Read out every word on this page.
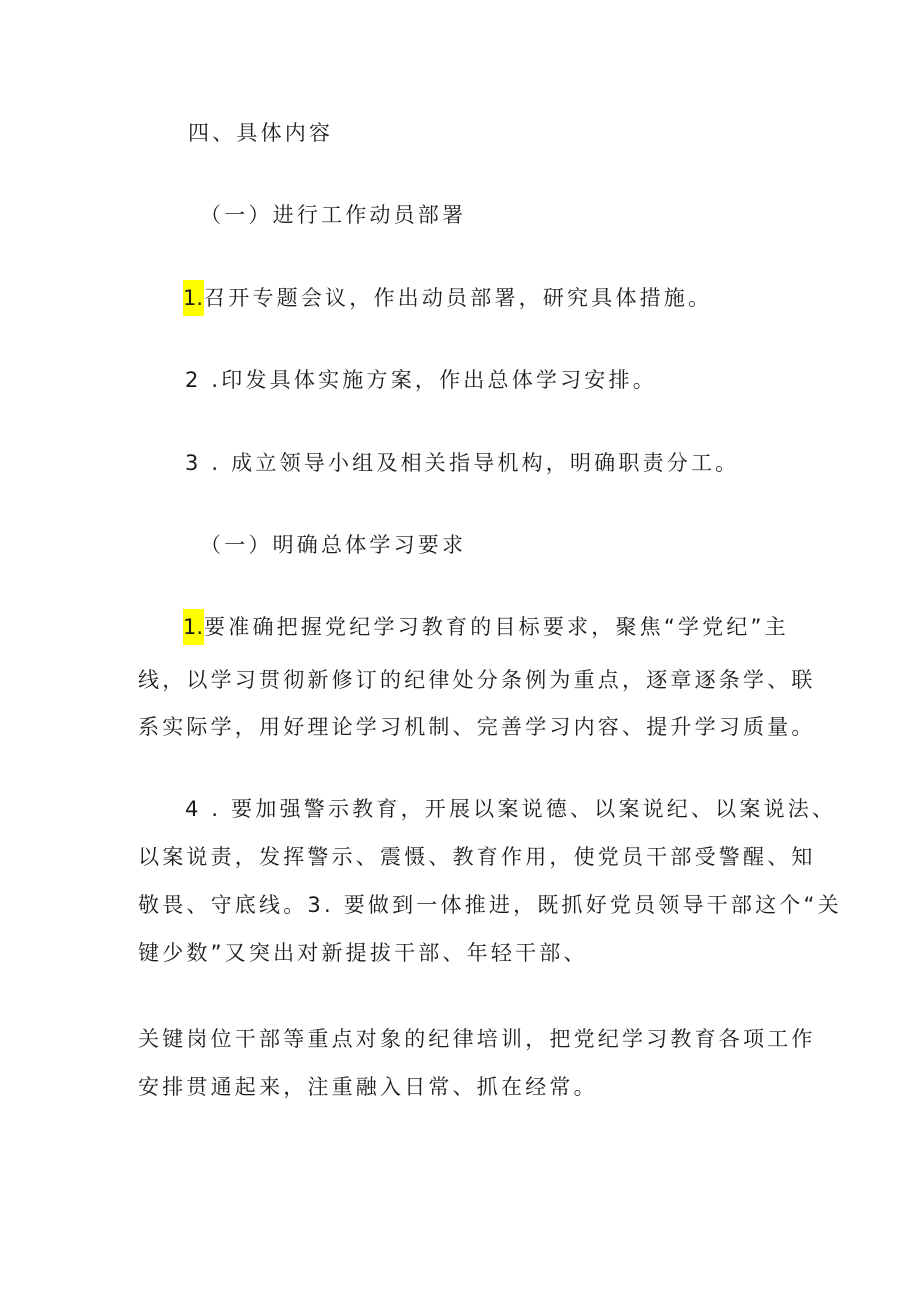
四、具体内容
（一）进行工作动员部署
1.召开专题会议，作出动员部署，研究具体措施。
2 .印发具体实施方案，作出总体学习安排。
3 . 成立领导小组及相关指导机构，明确职责分工。
（一）明确总体学习要求
1.要准确把握党纪学习教育的目标要求，聚焦“学党纪”主
线，以学习贯彻新修订的纪律处分条例为重点，逐章逐条学、联
系实际学，用好理论学习机制、完善学习内容、提升学习质量。
4 . 要加强警示教育，开展以案说德、以案说纪、以案说法、
以案说责，发挥警示、震慑、教育作用，使党员干部受警醒、知
敬畏、守底线。3. 要做到一体推进，既抓好党员领导干部这个“关
键少数”又突出对新提拔干部、年轻干部、
关键岗位干部等重点对象的纪律培训，把党纪学习教育各项工作
安排贯通起来，注重融入日常、抓在经常。
